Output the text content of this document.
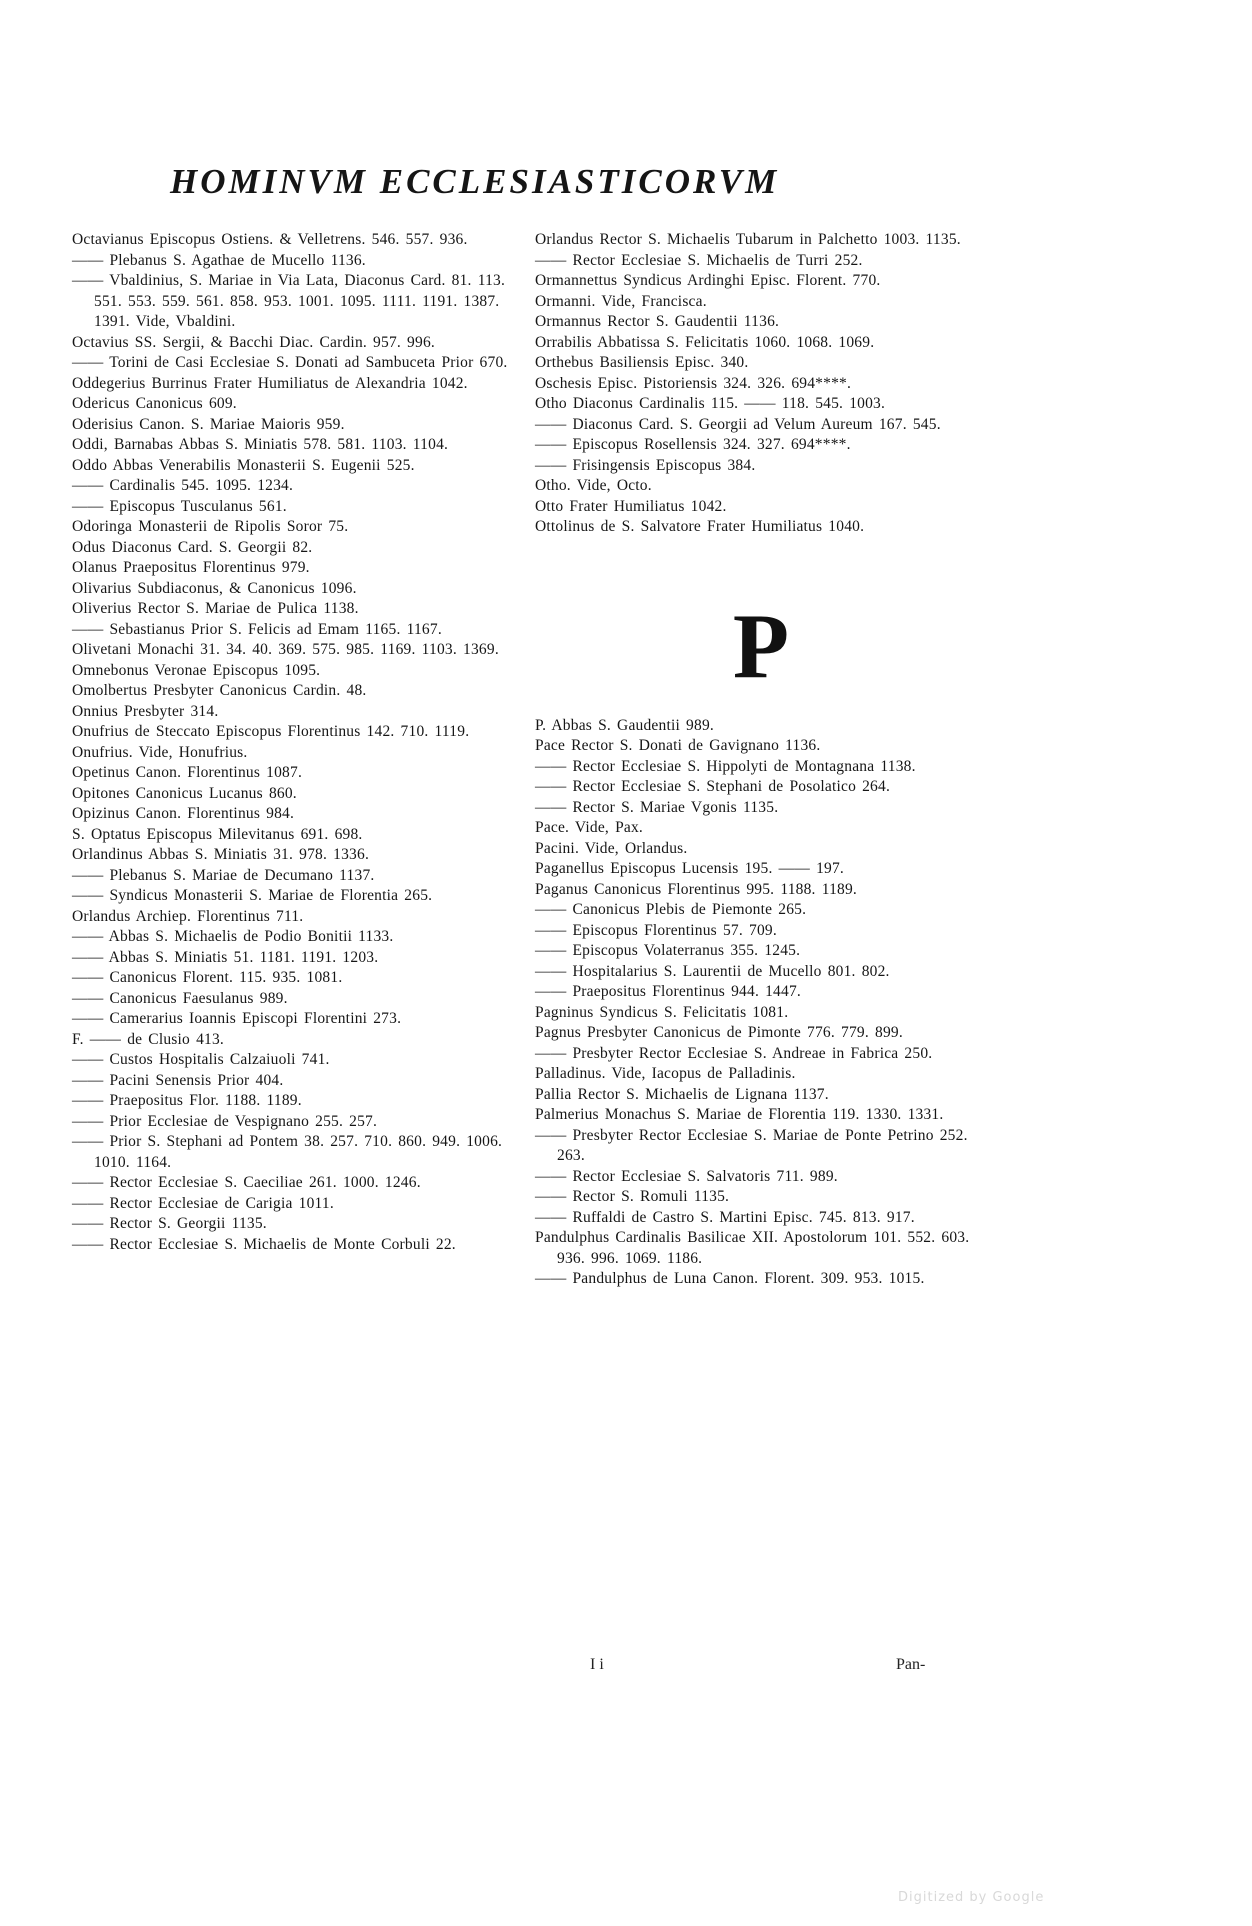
HOMINVM ECCLESIASTICORVM

Octavianus Episcopus Ostiens. & Velletrens. 546. 557. 936.

—— Plebanus S. Agathae de Mucello 1136.

—— Vbaldinius, S. Mariae in Via Lata, Diaconus Card. 81. 113. 551. 553. 559. 561. 858. 953. 1001. 1095. 1111. 1191. 1387. 1391. Vide, Vbaldini.

Octavius SS. Sergii, & Bacchi Diac. Cardin. 957. 996.

—— Torini de Casi Ecclesiae S. Donati ad Sambuceta Prior 670.

Oddegerius Burrinus Frater Humiliatus de Alexandria 1042.

Odericus Canonicus 609.

Oderisius Canon. S. Mariae Maioris 959.

Oddi, Barnabas Abbas S. Miniatis 578. 581. 1103. 1104.

Oddo Abbas Venerabilis Monasterii S. Eugenii 525.

—— Cardinalis 545. 1095. 1234.

—— Episcopus Tusculanus 561.

Odoringa Monasterii de Ripolis Soror 75.

Odus Diaconus Card. S. Georgii 82.

Olanus Praepositus Florentinus 979.

Olivarius Subdiaconus, & Canonicus 1096.

Oliverius Rector S. Mariae de Pulica 1138.

—— Sebastianus Prior S. Felicis ad Emam 1165. 1167.

Olivetani Monachi 31. 34. 40. 369. 575. 985. 1169. 1103. 1369.

Omnebonus Veronae Episcopus 1095.

Omolbertus Presbyter Canonicus Cardin. 48.

Onnius Presbyter 314.

Onufrius de Steccato Episcopus Florentinus 142. 710. 1119.

Onufrius. Vide, Honufrius.

Opetinus Canon. Florentinus 1087.

Opitones Canonicus Lucanus 860.

Opizinus Canon. Florentinus 984.

S. Optatus Episcopus Milevitanus 691. 698.

Orlandinus Abbas S. Miniatis 31. 978. 1336.

—— Plebanus S. Mariae de Decumano 1137.

—— Syndicus Monasterii S. Mariae de Florentia 265.

Orlandus Archiep. Florentinus 711.

—— Abbas S. Michaelis de Podio Bonitii 1133.

—— Abbas S. Miniatis 51. 1181. 1191. 1203.

—— Canonicus Florent. 115. 935. 1081.

—— Canonicus Faesulanus 989.

—— Camerarius Ioannis Episcopi Florentini 273.

F. —— de Clusio 413.

—— Custos Hospitalis Calzaiuoli 741.

—— Pacini Senensis Prior 404.

—— Praepositus Flor. 1188. 1189.

—— Prior Ecclesiae de Vespignano 255. 257.

—— Prior S. Stephani ad Pontem 38. 257. 710. 860. 949. 1006. 1010. 1164.

—— Rector Ecclesiae S. Caeciliae 261. 1000. 1246.

—— Rector Ecclesiae de Carigia 1011.

—— Rector S. Georgii 1135.

—— Rector Ecclesiae S. Michaelis de Monte Corbuli 22.

Orlandus Rector S. Michaelis Tubarum in Palchetto 1003. 1135.

—— Rector Ecclesiae S. Michaelis de Turri 252.

Ormannettus Syndicus Ardinghi Episc. Florent. 770.

Ormanni. Vide, Francisca.

Ormannus Rector S. Gaudentii 1136.

Orrabilis Abbatissa S. Felicitatis 1060. 1068. 1069.

Orthebus Basiliensis Episc. 340.

Oschesis Episc. Pistoriensis 324. 326. 694****.

Otho Diaconus Cardinalis 115. —— 118. 545. 1003.

—— Diaconus Card. S. Georgii ad Velum Aureum 167. 545.

—— Episcopus Rosellensis 324. 327. 694****.

—— Frisingensis Episcopus 384.

Otho. Vide, Octo.

Otto Frater Humiliatus 1042.

Ottolinus de S. Salvatore Frater Humiliatus 1040.

P

P. Abbas S. Gaudentii 989.

Pace Rector S. Donati de Gavignano 1136.

—— Rector Ecclesiae S. Hippolyti de Montagnana 1138.

—— Rector Ecclesiae S. Stephani de Posolatico 264.

—— Rector S. Mariae Vgonis 1135.

Pace. Vide, Pax.

Pacini. Vide, Orlandus.

Paganellus Episcopus Lucensis 195. —— 197.

Paganus Canonicus Florentinus 995. 1188. 1189.

—— Canonicus Plebis de Piemonte 265.

—— Episcopus Florentinus 57. 709.

—— Episcopus Volaterranus 355. 1245.

—— Hospitalarius S. Laurentii de Mucello 801. 802.

—— Praepositus Florentinus 944. 1447.

Pagninus Syndicus S. Felicitatis 1081.

Pagnus Presbyter Canonicus de Pimonte 776. 779. 899.

—— Presbyter Rector Ecclesiae S. Andreae in Fabrica 250.

Palladinus. Vide, Iacopus de Palladinis.

Pallia Rector S. Michaelis de Lignana 1137.

Palmerius Monachus S. Mariae de Florentia 119. 1330. 1331.

—— Presbyter Rector Ecclesiae S. Mariae de Ponte Petrino 252. 263.

—— Rector Ecclesiae S. Salvatoris 711. 989.

—— Rector S. Romuli 1135.

—— Ruffaldi de Castro S. Martini Episc. 745. 813. 917.

Pandulphus Cardinalis Basilicae XII. Apostolorum 101. 552. 603. 936. 996. 1069. 1186.

—— Pandulphus de Luna Canon. Florent. 309. 953. 1015.

I i	Pan-
Digitized by Google
